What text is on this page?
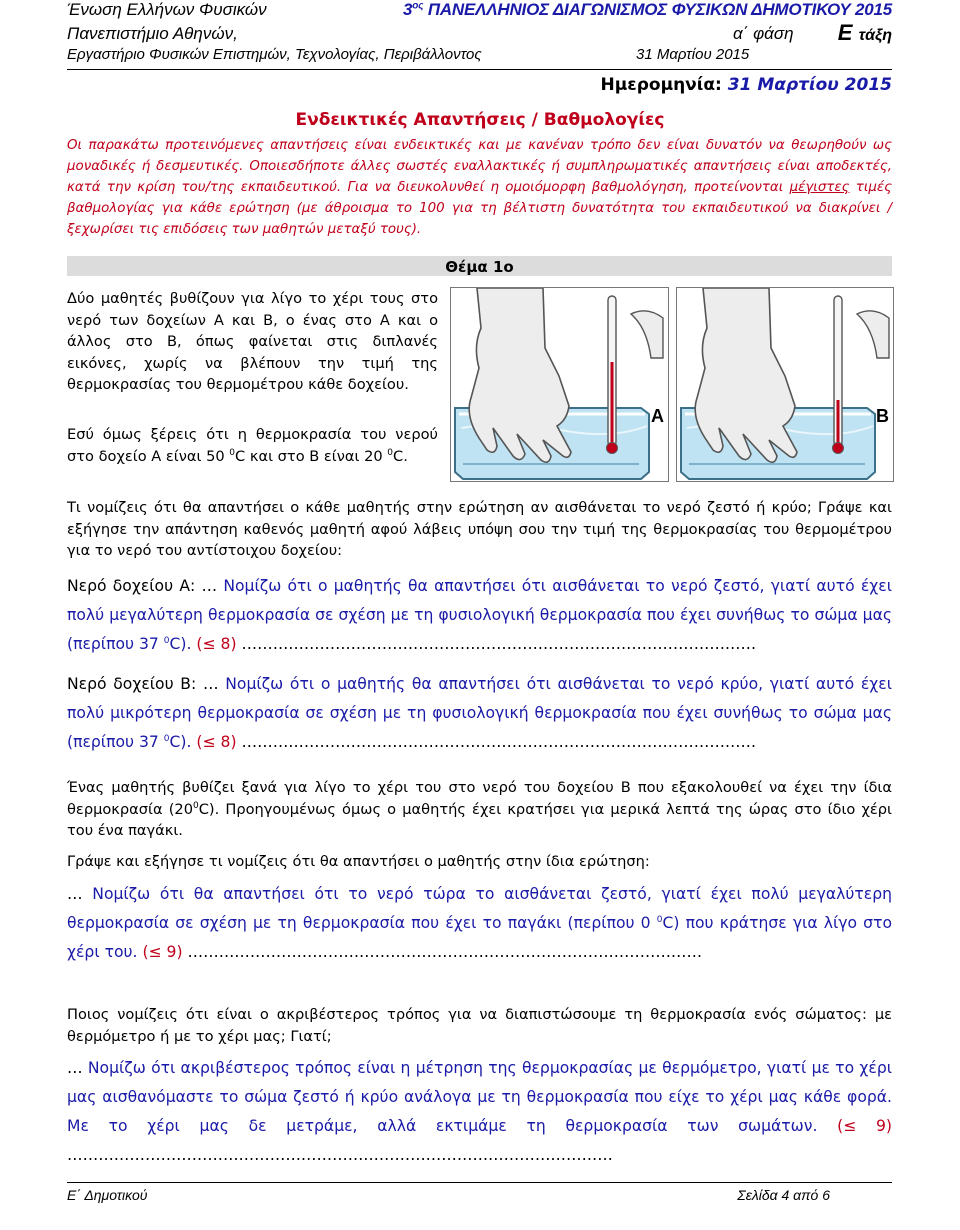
Ένωση Ελλήνων Φυσικών	$3^{o\varsigma}$ ΠΑΝΕΛΛΗΝΙΟΣ ΔΙΑΓΩΝΙΣΜΟΣ ΦΥΣΙΚΩΝ ΔΗΜΟΤΙΚΟΥ 2015
Πανεπιστήμιο Αθηνών,	α΄ φάση Ε τάξη
Εργαστήριο Φυσικών Επιστημών, Τεχνολογίας, Περιβάλλοντος	31 Μαρτίου 2015
Ημερομηνία: 31 Μαρτίου 2015
Ενδεικτικές Απαντήσεις / Βαθμολογίες
Οι παρακάτω προτεινόμενες απαντήσεις είναι ενδεικτικές και με κανέναν τρόπο δεν είναι δυνατόν να θεωρηθούν ως μοναδικές ή δεσμευτικές. Οποιεσδήποτε άλλες σωστές εναλλακτικές ή συμπληρωματικές απαντήσεις είναι αποδεκτές, κατά την κρίση του/της εκπαιδευτικού. Για να διευκολυνθεί η ομοιόμορφη βαθμολόγηση, προτείνονται μέγιστες τιμές βαθμολογίας για κάθε ερώτηση (με άθροισμα το 100 για τη βέλτιστη δυνατότητα του εκπαιδευτικού να διακρίνει / ξεχωρίσει τις επιδόσεις των μαθητών μεταξύ τους).
Θέμα 1ο
Δύο μαθητές βυθίζουν για λίγο το χέρι τους στο νερό των δοχείων Α και Β, ο ένας στο Α και ο άλλος στο Β, όπως φαίνεται στις διπλανές εικόνες, χωρίς να βλέπουν την τιμή της θερμοκρασίας του θερμομέτρου κάθε δοχείου.
Εσύ όμως ξέρεις ότι η θερμοκρασία του νερού στο δοχείο Α είναι 50 $^0$C και στο Β είναι 20 $^0$C.
Α	Β
Τι νομίζεις ότι θα απαντήσει ο κάθε μαθητής στην ερώτηση αν αισθάνεται το νερό ζεστό ή κρύο; Γράψε και εξήγησε την απάντηση καθενός μαθητή αφού λάβεις υπόψη σου την τιμή της θερμοκρασίας του θερμομέτρου για το νερό του αντίστοιχου δοχείου:
Νερό δοχείου Α: … Νομίζω ότι ο μαθητής θα απαντήσει ότι αισθάνεται το νερό ζεστό, γιατί αυτό έχει πολύ μεγαλύτερη θερμοκρασία σε σχέση με τη φυσιολογική θερμοκρασία που έχει συνήθως το σώμα μας (περίπου 37 $^0$C). (≤ 8) ………………………………………………………………………………………
Νερό δοχείου Β: … Νομίζω ότι ο μαθητής θα απαντήσει ότι αισθάνεται το νερό κρύο, γιατί αυτό έχει πολύ μικρότερη θερμοκρασία σε σχέση με τη φυσιολογική θερμοκρασία που έχει συνήθως το σώμα μας (περίπου 37 $^0$C). (≤ 8) ………………………………………………………………………………………
Ένας μαθητής βυθίζει ξανά για λίγο το χέρι του στο νερό του δοχείου Β που εξακολουθεί να έχει την ίδια θερμοκρασία $(20^0C)$. Προηγουμένως όμως ο μαθητής έχει κρατήσει για μερικά λεπτά της ώρας στο ίδιο χέρι του ένα παγάκι.
Γράψε και εξήγησε τι νομίζεις ότι θα απαντήσει ο μαθητής στην ίδια ερώτηση:
… Νομίζω ότι θα απαντήσει ότι το νερό τώρα το αισθάνεται ζεστό, γιατί έχει πολύ μεγαλύτερη θερμοκρασία σε σχέση με τη θερμοκρασία που έχει το παγάκι (περίπου 0 $^0$C) που κράτησε για λίγο στο χέρι του. (≤ 9) ………………………………………………………………………………………
Ποιος νομίζεις ότι είναι ο ακριβέστερος τρόπος για να διαπιστώσουμε τη θερμοκρασία ενός σώματος: με θερμόμετρο ή με το χέρι μας; Γιατί;
… Νομίζω ότι ακριβέστερος τρόπος είναι η μέτρηση της θερμοκρασίας με θερμόμετρο, γιατί με το χέρι μας αισθανόμαστε το σώμα ζεστό ή κρύο ανάλογα με τη θερμοκρασία που είχε το χέρι μας κάθε φορά. Με το χέρι μας δε μετράμε, αλλά εκτιμάμε τη θερμοκρασία των σωμάτων. (≤ 9) ……………………………………………………………………………………………
Ε΄ Δημοτικού	Σελίδα 4 από 6
